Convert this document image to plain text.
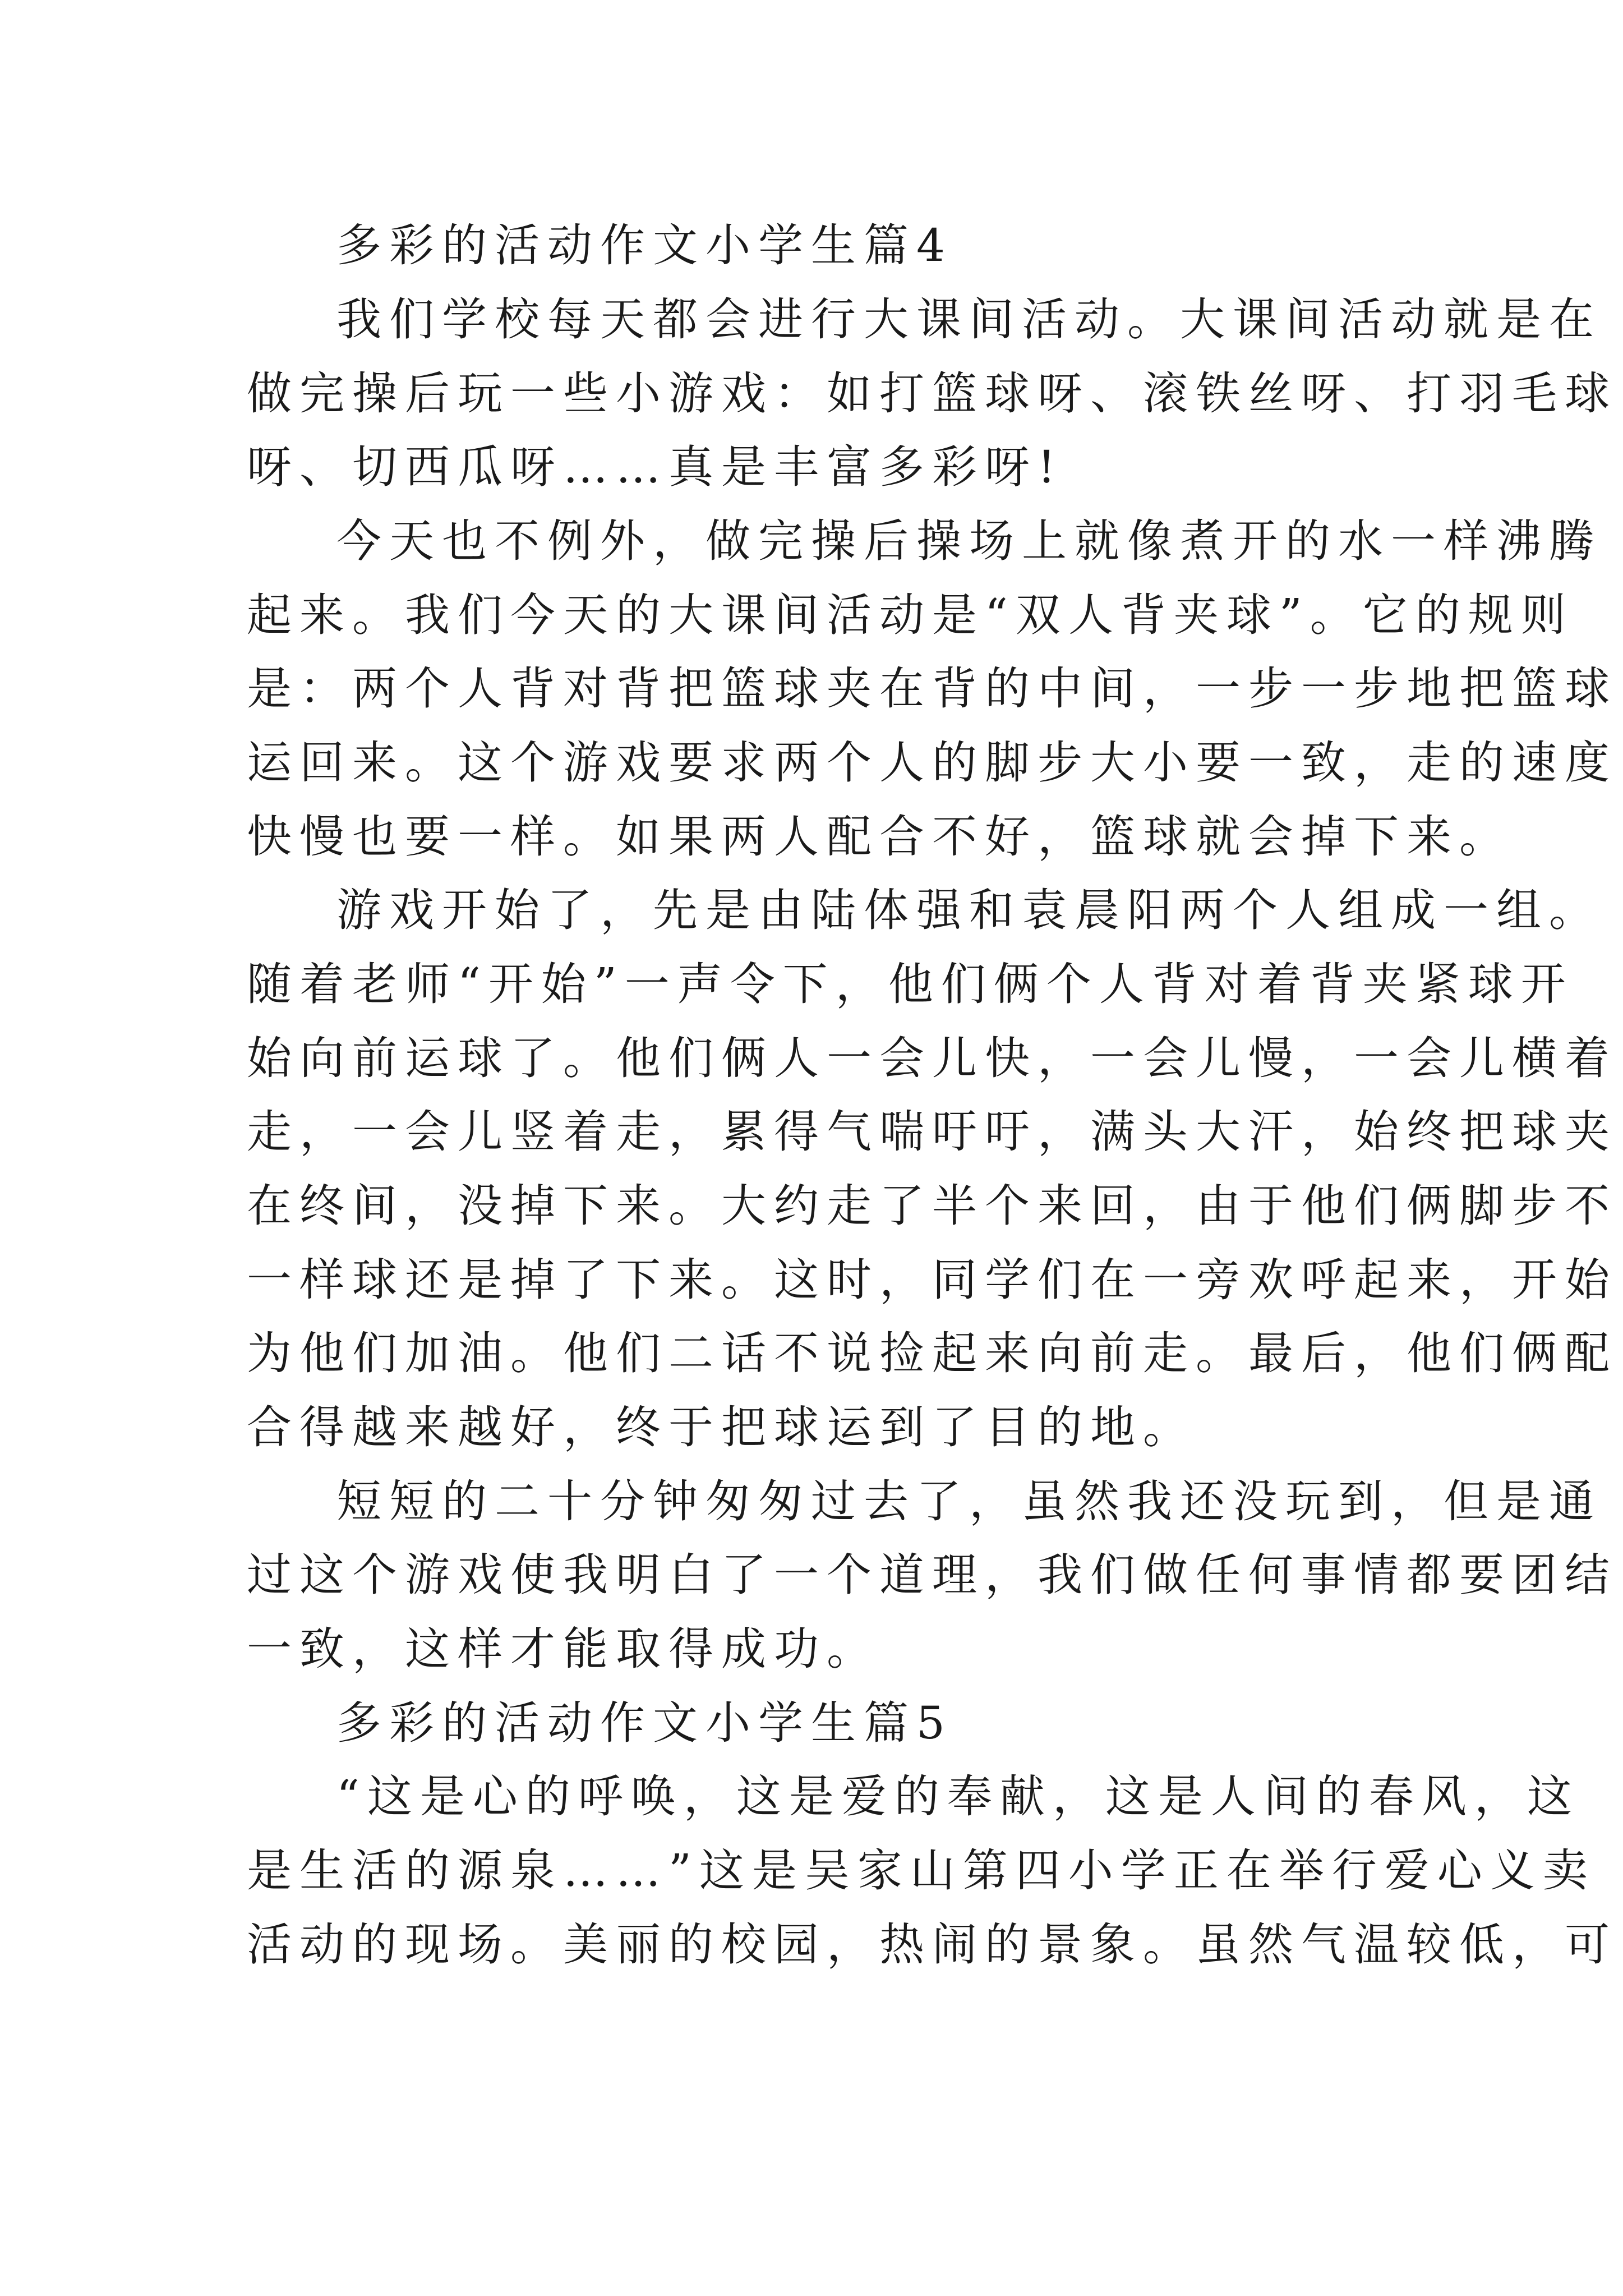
多彩的活动作文小学生篇4
我们学校每天都会进行大课间活动。大课间活动就是在
做完操后玩一些小游戏：如打篮球呀、滚铁丝呀、打羽毛球
呀、切西瓜呀……真是丰富多彩呀!
今天也不例外，做完操后操场上就像煮开的水一样沸腾
起来。我们今天的大课间活动是“双人背夹球”。它的规则
是：两个人背对背把篮球夹在背的中间，一步一步地把篮球
运回来。这个游戏要求两个人的脚步大小要一致，走的速度
快慢也要一样。如果两人配合不好，篮球就会掉下来。
游戏开始了，先是由陆体强和袁晨阳两个人组成一组。
随着老师“开始”一声令下，他们俩个人背对着背夹紧球开
始向前运球了。他们俩人一会儿快，一会儿慢，一会儿横着
走，一会儿竖着走，累得气喘吁吁，满头大汗，始终把球夹
在终间，没掉下来。大约走了半个来回，由于他们俩脚步不
一样球还是掉了下来。这时，同学们在一旁欢呼起来，开始
为他们加油。他们二话不说捡起来向前走。最后，他们俩配
合得越来越好，终于把球运到了目的地。
短短的二十分钟匆匆过去了，虽然我还没玩到，但是通
过这个游戏使我明白了一个道理，我们做任何事情都要团结
一致，这样才能取得成功。
多彩的活动作文小学生篇5
“这是心的呼唤，这是爱的奉献，这是人间的春风，这
是生活的源泉……”这是吴家山第四小学正在举行爱心义卖
活动的现场。美丽的校园，热闹的景象。虽然气温较低，可
